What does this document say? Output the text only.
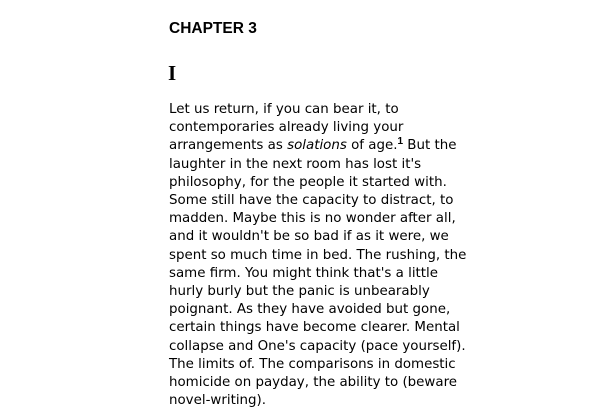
CHAPTER 3
I

Let us return, if you can bear it, to
contemporaries already living your
arrangements as solations of age.$^1$ But the
laughter in the next room has lost it's
philosophy, for the people it started with.
Some still have the capacity to distract, to
madden. Maybe this is no wonder after all,
and it wouldn't be so bad if as it were, we
spent so much time in bed. The rushing, the
same firm. You might think that's a little
hurly burly but the panic is unbearably
poignant. As they have avoided but gone,
certain things have become clearer. Mental
collapse and One's capacity (pace yourself).
The limits of. The comparisons in domestic
homicide on payday, the ability to (beware
novel-writing).
